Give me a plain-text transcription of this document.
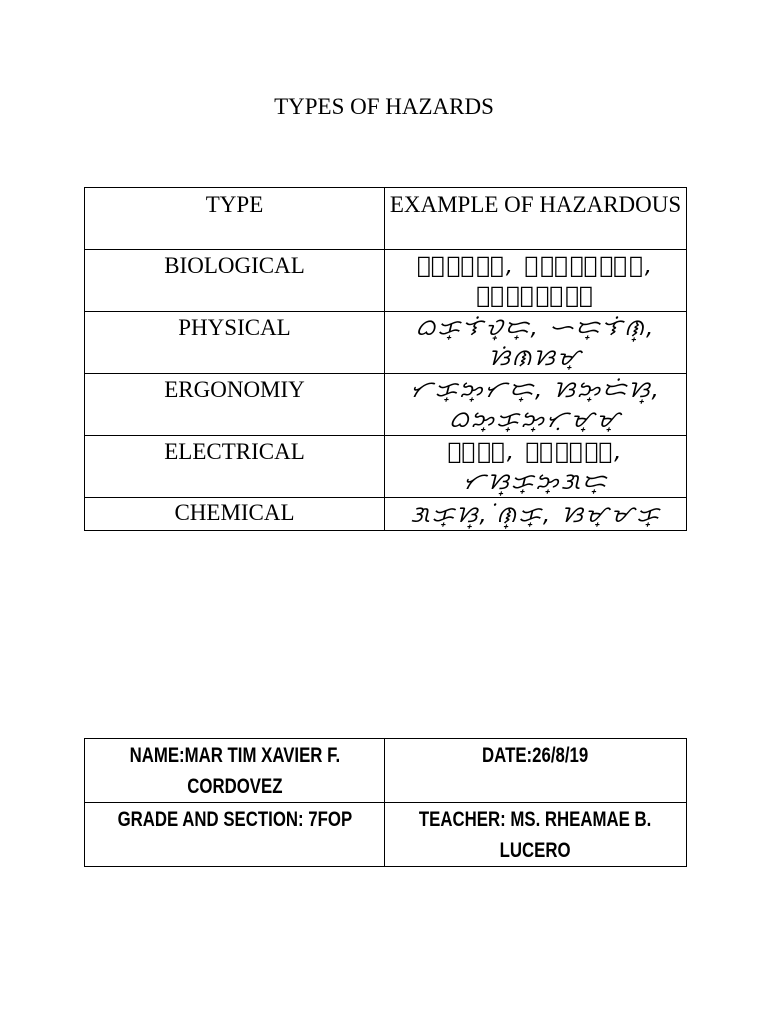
TYPES OF HAZARDS
TYPE	EXAMPLE OF HAZARDOUS
BIOLOGICAL	ᜀᜒᜈᜓᜐ᜔, ᜊᜃ᜔ᜆᜒᜇ᜔ᜌ, ᜉᜓᜅ᜔ᜄᜓᜐ᜔
PHYSICAL	ᜊᜃ᜔ᜎᜒᜏ᜔ᜇ᜔, ᜑᜇ᜔ᜎᜒᜈ᜔,
ᜐᜒᜈᜐᜋ᜔
ERGONOMIY	ᜆᜃ᜔ᜅ᜔ᜆᜇ᜔, ᜐᜅ᜔ᜇᜒᜐ᜔,
ᜊᜅ᜔ᜃ᜔ᜅ᜔ᜆᜓᜋ᜔ᜋ᜔
ELECTRICAL	ᜀᜒᜈ᜔, ᜋᜓᜆᜒᜇ᜔,
ᜆᜐ᜔ᜃ᜔ᜅ᜔ᜄᜇ᜔
CHEMICAL	ᜄᜃ᜔ᜐ᜔, ᜒᜈ᜔ᜃ᜔, ᜐᜋ᜔ᜋᜃ᜔
NAME:MAR TIM XAVIER F. CORDOVEZ	DATE:26/8/19
GRADE AND SECTION: 7FOP	TEACHER: MS. RHEAMAE B. LUCERO
